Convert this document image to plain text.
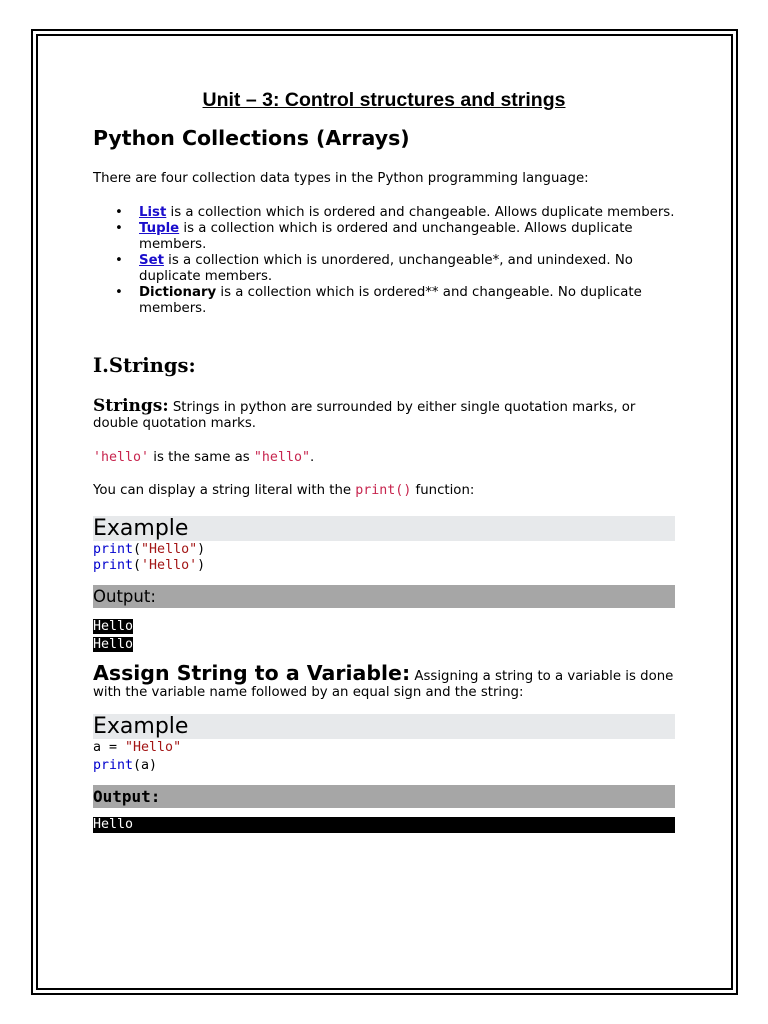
Unit – 3: Control structures and strings
Python Collections (Arrays)

There are four collection data types in the Python programming language:

• List is a collection which is ordered and changeable. Allows duplicate members.
• Tuple is a collection which is ordered and unchangeable. Allows duplicate members.
• Set is a collection which is unordered, unchangeable*, and unindexed. No duplicate members.
• Dictionary is a collection which is ordered** and changeable. No duplicate members.
I.Strings:

Strings: Strings in python are surrounded by either single quotation marks, or double quotation marks.

'hello' is the same as "hello".

You can display a string literal with the print() function:

Example
print("Hello")
print('Hello')
Output:
Hello
Hello

Assign String to a Variable: Assigning a string to a variable is done with the variable name followed by an equal sign and the string:

Example
a = "Hello"
print(a)
Output:
Hello
